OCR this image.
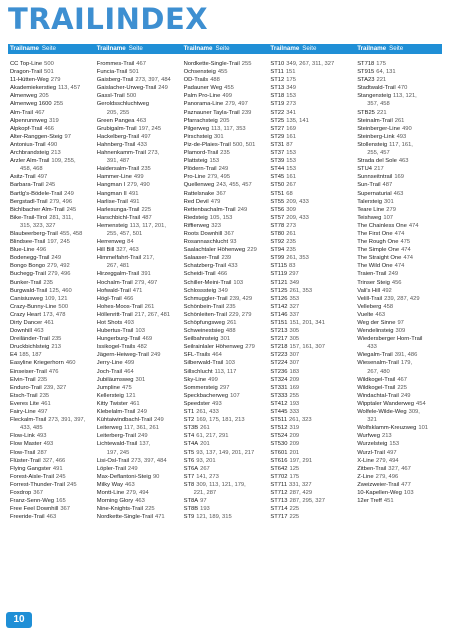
TRAILINDEX
Trailname Seite	Trailname Seite	Trailname Seite	Trailname Seite	Trailname Seite
CC Top-Line 500
Dragon-Trail 501
11-Hütten-Weg 279
Akademiekerstieg 113, 457
Almenweg 205
Almenweg 1600 255
Alm-Trail 467
Alpenrunnweg 319
Alpkopf-Trail 466
Alter-Ranggen-Steig 97
Antonius-Trail 490
Archbrandsteig 213
Arzler Alm-Trail 109, 255,
458, 468
Asitz-Trail 497
Barbara-Trail 245
Bartlg's-Bödele-Trail 249
Bergstadl-Trail 279, 496
Bichlbacher Alm-Trail 245
Bike-Trail-Tirol 281, 311,
315, 323, 327
Blaubeerberg-Trail 455, 458
Blindsee-Trail 197, 245
Blue-Line 496
Bodenegg-Trail 249
Bongo Bongo 279, 492
Buchegg-Trail 279, 496
Bunker-Trail 235
Burgwald-Trail 125, 460
Canisiusweg 109, 121
Crazy-Bunny-Line 500
Crazy Heart 173, 478
Dirty Dancer 461
Downhill 463
Dreiländer-Trail 235
Druckbichlsteig 213
E4 185, 187
Easyline Kriegerhorn 460
Einseiser-Trail 476
Elvin-Trail 235
Enduro-Trail 239, 327
Etsch-Trail 235
Everes Lite 461
Fairy-Line 497
Fleckalm-Trail 273, 391, 397,
433, 485
Flow-Link 493
Flow Master 493
Flow-Trail 287
Flüster-Trail 327, 466
Flying Gangster 491
Forest-Aisle-Trail 245
Forrest-Thunder-Trail 245
Foxdrop 367
Franz-Senn-Weg 165
Free Feel Downhill 367
Freeride-Trail 463
Frommes-Trail 467
Funcia-Trail 501
Gaisberg-Trail 273, 397, 484
Gaislacher-Urweg-Trail 249
Gassl-Trail 500
Geroldsschluchtweg
205, 255
Green Pangea 463
Grubigalm-Trail 197, 245
Hackelberg-Trail 497
Hahnberg-Trail 433
Hahnenkamm-Trail 273,
391, 487
Haidersalm-Trail 235
Hammer-Line 499
Hangman I 279, 490
Hangman II 491
Harlise-Trail 491
Harlesunga-Trail 225
Harschbichl-Trail 487
Hemensteig 113, 117, 201,
255, 457, 501
Herrenweg 84
Hill Bill 327, 463
Himmelfahrt-Trail 217,
267, 481
Hirzeggalm-Trail 391
Hochalm-Trail 279, 497
Hofwald-Trail 471
Högl-Trail 466
Hohes-Moos-Trail 261
Höllenritt-Trail 217, 267, 481
Hot Shots 493
Hubertus-Trail 103
Hungerburg-Trail 469
Issikogel-Trails 482
Jägern-Heiweg-Trail 249
Jerry-Line 499
Joch-Trail 464
Jubiläumsweg 301
Jumpline 475
Kellersteig 121
Kitty Twister 461
Klebelalm-Trail 249
Kühtaiwindbachl-Trail 249
Leiterweg 117, 361, 261
Leiterberg-Trail 249
Lichtewald-Trail 137,
197, 245
Lisi-Osl-Trail 273, 397, 484
Löpler-Trail 249
Max-Deflantoni-Steig 90
Milky Way 463
Montt-Line 279, 494
Morning Glory 463
Nine-Knights-Trail 225
Nordkette-Single-Trail 471
Nordkette-Single-Trail 255
Ochsensteig 455
OD-Trails 488
Padauner Weg 455
Palm Pro-Line 499
Panorama-Line 279, 497
Paznauner Tayla-Trail 239
Pfarrachsteig 205
Pilgerweg 113, 117, 353
Pirschsteig 301
Piz-de-Plaies-Trail 500, 501
Plamord-Trail 235
Plattsteig 153
Plödern-Trail 249
Pro-Line 279, 495
Quellenweg 243, 455, 457
Rattelsnake 367
Red Devil 479
Rettenbachalm-Trail 249
Riedsteig 105, 153
Riffierweg 323
Roots Downhill 367
Rosannaschlucht 93
Saalachtaler Höhenweg 229
Salaaser-Trail 239
Schatzberg-Trail 433
Scheidi-Trail 466
Schiller-Meini-Trail 103
Schlosssteig 349
Schmuggler-Trail 239, 429
Schönbein-Trail 235
Schönleiten-Trail 229, 279
Schöpfungsweg 261
Schweinestsieg 488
Seilbahnsteig 301
Seilrainlaler Höhenweg 279
SFL-Trails 464
Silberwald-Trail 103
Sillschlucht 113, 117
Sky-Line 499
Sommersteig 297
Speckbacherweg 107
Speedster 493
ST1 261, 433
ST2 169, 175, 181, 213
ST3B 261
ST4 61, 217, 291
ST4A 201
ST5 93, 137, 149, 201, 217
ST6 93, 201
ST6A 267
ST7 141, 273
ST8 309, 113, 121, 179,
221, 287
ST8A 97
ST8B 193
ST9 121, 189, 315
ST10 349, 267, 311, 327
ST11 151
ST12 175
ST13 349
ST18 153
ST19 273
ST22 341
ST25 135, 141
ST27 169
ST29 161
ST31 87
ST37 153
ST39 153
ST44 153
ST45 161
ST50 267
ST51 68
ST55 209, 433
ST56 309
ST57 209, 433
ST78 273
ST80 261
ST92 235
ST94 235
ST99 261, 353
ST115 83
ST119 297
ST121 349
ST125 261, 353
ST126 353
ST142 327
ST146 337
ST151 151, 201, 341
ST213 305
ST217 305
ST218 157, 161, 307
ST223 307
ST224 307
ST236 183
ST324 209
ST331 169
ST333 255
ST412 193
ST445 333
ST511 261, 323
ST512 319
ST524 209
ST530 209
ST601 201
ST616 197, 291
ST642 125
ST702 175
ST711 331, 327
ST712 287, 429
ST713 287, 295, 327
ST714 225
ST717 225
ST718 175
ST915 64, 131
STA23 221
Stadtwald-Trail 470
Stangensteig 113, 121,
357, 458
STB25 221
Steinalm-Trail 261
Steinberger-Line 490
Steinberg-Link 493
Stollensteig 117, 161,
255, 457
Strada del Sole 463
STU4 217
Sunnseitntrail 169
Sun-Trail 487
Supernaturial 463
Talersteig 301
Teare Line 279
Teishweg 107
The Chainless One 474
The First One 474
The Rough One 475
The Simple One 474
The Straight One 474
The Wild One 474
Traien-Trail 249
Trinser Steig 456
Vali's Hill 492
Velill-Trail 239, 287, 429
Velleberg 458
Vuelte 463
Weg der Sinne 97
Wendelinsteig 309
Wiedersberger Horn-Trail
433
Wiegalm-Trail 391, 486
Wiesenalm-Trail 179,
267, 480
Wildkogel-Trail 467
Wildkogel-Trail 225
Windachtal-Trail 249
Wipptaler Wanderweg 454
Wolfele-Wilde-Weg 309,
321
Wolfsklamm-Kreuzweg 101
Wurfweg 213
Wurzelsteig 153
Wurzl-Trail 497
X-Line 279, 494
Zitben-Trail 327, 467
Z-Line 279, 496
Zweizweier-Trail 477
10-Kapellen-Weg 103
12er Treff 451
10
